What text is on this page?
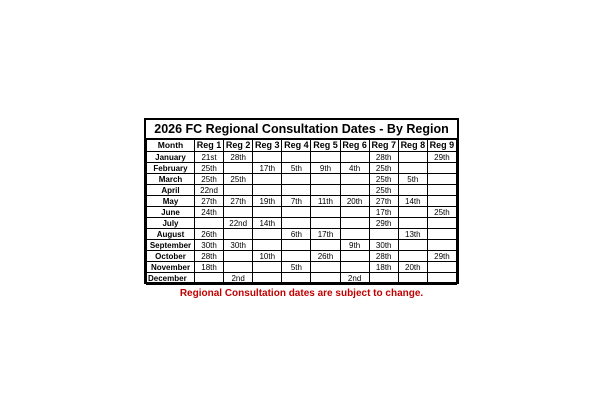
2026 FC Regional Consultation Dates - By Region
Month	Reg 1	Reg 2	Reg 3	Reg 4	Reg 5	Reg 6	Reg 7	Reg 8	Reg 9
January	21st	28th					28th		29th
February	25th		17th	5th	9th	4th	25th		
March	25th	25th					25th	5th	
April	22nd						25th		
May	27th	27th	19th	7th	11th	20th	27th	14th	
June	24th						17th		25th
July		22nd	14th				29th		
August	26th			6th	17th			13th	
September	30th	30th				9th	30th		
October	28th		10th		26th		28th		29th
November	18th			5th			18th	20th	
December		2nd				2nd			
Regional Consultation dates are subject to change.
